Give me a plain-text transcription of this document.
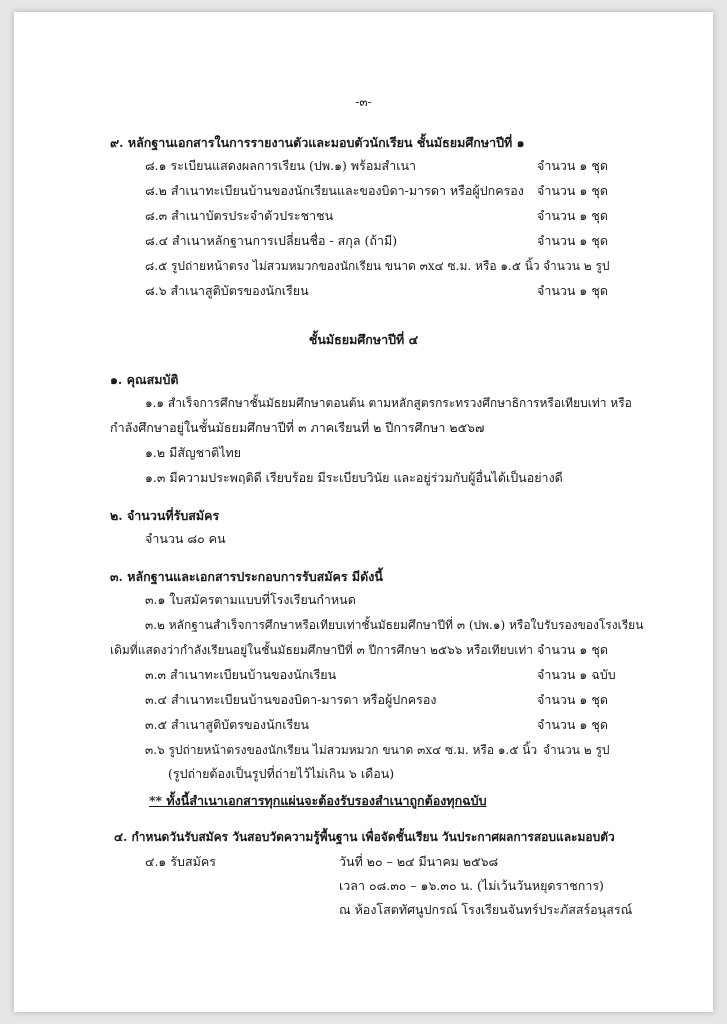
-๓-
๙. หลักฐานเอกสารในการรายงานตัวและมอบตัวนักเรียน ชั้นมัธยมศึกษาปีที่ ๑
๘.๑ ระเบียนแสดงผลการเรียน (ปพ.๑) พร้อมสำเนา	จำนวน ๑ ชุด
๘.๒ สำเนาทะเบียนบ้านของนักเรียนและของบิดา-มารดา หรือผู้ปกครอง จำนวน ๑ ชุด
๘.๓ สำเนาบัตรประจำตัวประชาชน	จำนวน ๑ ชุด
๘.๔ สำเนาหลักฐานการเปลี่ยนชื่อ - สกุล (ถ้ามี)	จำนวน ๑ ชุด
๘.๕ รูปถ่ายหน้าตรง ไม่สวมหมวกของนักเรียน ขนาด ๓x๔ ซ.ม. หรือ ๑.๕ นิ้ว จำนวน ๒ รูป
๘.๖ สำเนาสูติบัตรของนักเรียน	จำนวน ๑ ชุด
ชั้นมัธยมศึกษาปีที่ ๔
๑. คุณสมบัติ
๑.๑ สำเร็จการศึกษาชั้นมัธยมศึกษาตอนต้น ตามหลักสูตรกระทรวงศึกษาธิการหรือเทียบเท่า หรือ
กำลังศึกษาอยู่ในชั้นมัธยมศึกษาปีที่ ๓ ภาคเรียนที่ ๒ ปีการศึกษา ๒๕๖๗
๑.๒ มีสัญชาติไทย
๑.๓ มีความประพฤติดี เรียบร้อย มีระเบียบวินัย และอยู่ร่วมกับผู้อื่นได้เป็นอย่างดี
๒. จำนวนที่รับสมัคร
จำนวน ๘๐ คน
๓. หลักฐานและเอกสารประกอบการรับสมัคร มีดังนี้
๓.๑ ใบสมัครตามแบบที่โรงเรียนกำหนด
๓.๒ หลักฐานสำเร็จการศึกษาหรือเทียบเท่าชั้นมัธยมศึกษาปีที่ ๓ (ปพ.๑) หรือใบรับรองของโรงเรียน
เดิมที่แสดงว่ากำลังเรียนอยู่ในชั้นมัธยมศึกษาปีที่ ๓ ปีการศึกษา ๒๕๖๖ หรือเทียบเท่า จำนวน ๑ ชุด
๓.๓ สำเนาทะเบียนบ้านของนักเรียน	จำนวน ๑ ฉบับ
๓.๔ สำเนาทะเบียนบ้านของบิดา-มารดา หรือผู้ปกครอง	จำนวน ๑ ชุด
๓.๕ สำเนาสูติบัตรของนักเรียน	จำนวน ๑ ชุด
๓.๖ รูปถ่ายหน้าตรงของนักเรียน ไม่สวมหมวก ขนาด ๓x๔ ซ.ม. หรือ ๑.๕ นิ้ว จำนวน ๒ รูป
(รูปถ่ายต้องเป็นรูปที่ถ่ายไว้ไม่เกิน ๖ เดือน)
** ทั้งนี้สำเนาเอกสารทุกแผ่นจะต้องรับรองสำเนาถูกต้องทุกฉบับ
๔. กำหนดวันรับสมัคร วันสอบวัดความรู้พื้นฐาน เพื่อจัดชั้นเรียน วันประกาศผลการสอบและมอบตัว
๔.๑ รับสมัคร	วันที่ ๒๐ – ๒๔ มีนาคม ๒๕๖๘
เวลา ๐๘.๓๐ – ๑๖.๓๐ น. (ไม่เว้นวันหยุดราชการ)
ณ ห้องโสตทัศนูปกรณ์ โรงเรียนจันทร์ประภัสสร์อนุสรณ์
